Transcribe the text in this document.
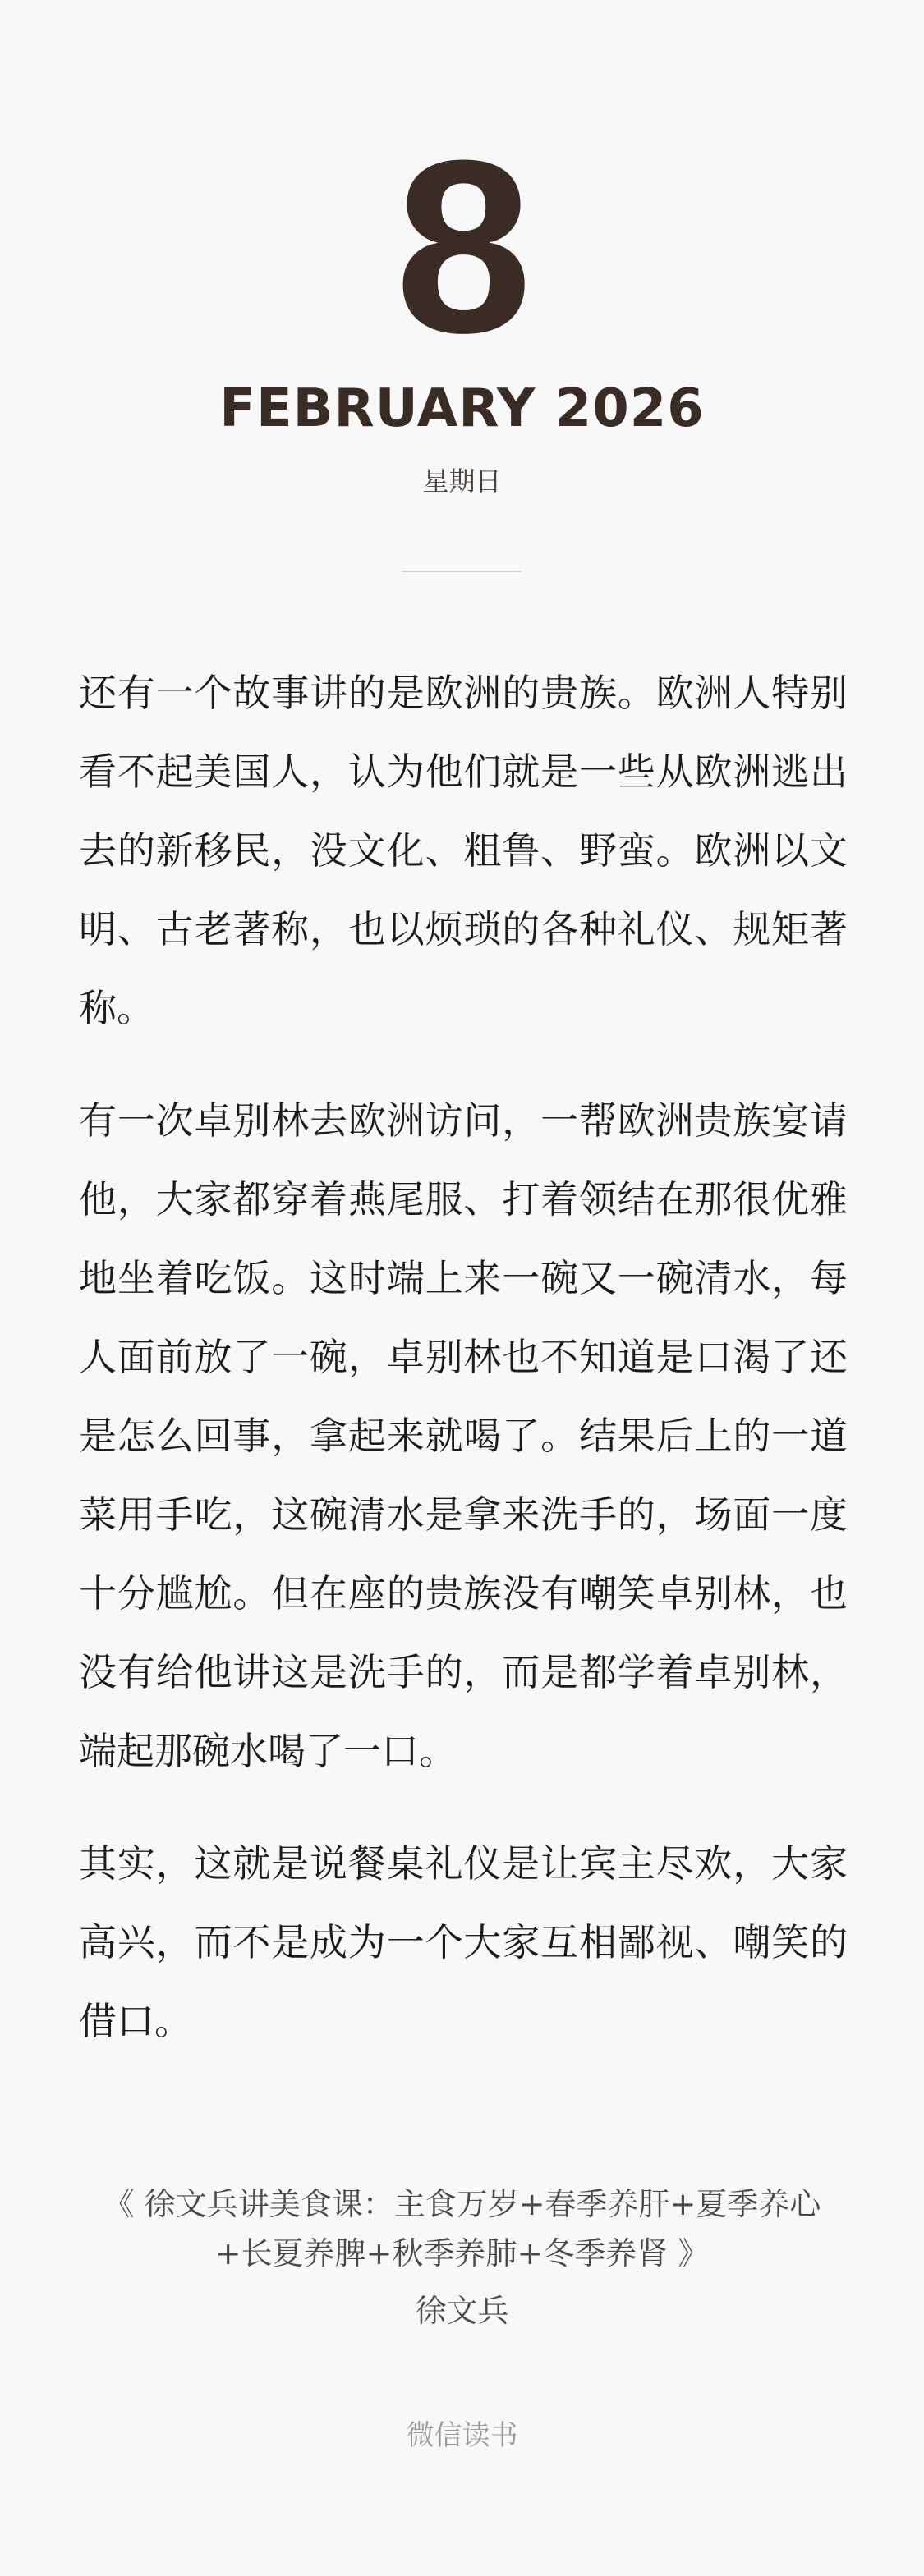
8
FEBRUARY 2026
星期日

还有一个故事讲的是欧洲的贵族。欧洲人特别看不起美国人，认为他们就是一些从欧洲逃出去的新移民，没文化、粗鲁、野蛮。欧洲以文明、古老著称，也以烦琐的各种礼仪、规矩著称。

有一次卓别林去欧洲访问，一帮欧洲贵族宴请他，大家都穿着燕尾服、打着领结在那很优雅地坐着吃饭。这时端上来一碗又一碗清水，每人面前放了一碗，卓别林也不知道是口渴了还是怎么回事，拿起来就喝了。结果后上的一道菜用手吃，这碗清水是拿来洗手的，场面一度十分尴尬。但在座的贵族没有嘲笑卓别林，也没有给他讲这是洗手的，而是都学着卓别林，端起那碗水喝了一口。

其实，这就是说餐桌礼仪是让宾主尽欢，大家高兴，而不是成为一个大家互相鄙视、嘲笑的借口。

《 徐文兵讲美食课：主食万岁+春季养肝+夏季养心+长夏养脾+秋季养肺+冬季养肾 》
徐文兵
微信读书
